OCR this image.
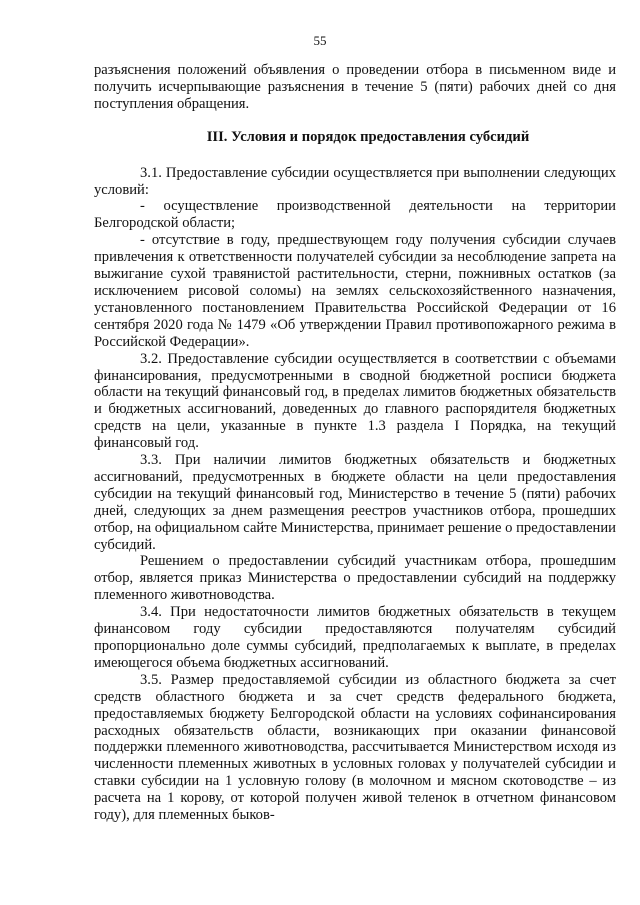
55

разъяснения положений объявления о проведении отбора в письменном виде и получить исчерпывающие разъяснения в течение 5 (пяти) рабочих дней со дня поступления обращения.

III. Условия и порядок предоставления субсидий

3.1. Предоставление субсидии осуществляется при выполнении следующих условий:

- осуществление производственной деятельности на территории Белгородской области;

- отсутствие в году, предшествующем году получения субсидии случаев привлечения к ответственности получателей субсидии за несоблюдение запрета на выжигание сухой травянистой растительности, стерни, пожнивных остатков (за исключением рисовой соломы) на землях сельскохозяйственного назначения, установленного постановлением Правительства Российской Федерации от 16 сентября 2020 года № 1479 «Об утверждении Правил противопожарного режима в Российской Федерации».

3.2. Предоставление субсидии осуществляется в соответствии с объемами финансирования, предусмотренными в сводной бюджетной росписи бюджета области на текущий финансовый год, в пределах лимитов бюджетных обязательств и бюджетных ассигнований, доведенных до главного распорядителя бюджетных средств на цели, указанные в пункте 1.3 раздела I Порядка, на текущий финансовый год.

3.3. При наличии лимитов бюджетных обязательств и бюджетных ассигнований, предусмотренных в бюджете области на цели предоставления субсидии на текущий финансовый год, Министерство в течение 5 (пяти) рабочих дней, следующих за днем размещения реестров участников отбора, прошедших отбор, на официальном сайте Министерства, принимает решение о предоставлении субсидий.

Решением о предоставлении субсидий участникам отбора, прошедшим отбор, является приказ Министерства о предоставлении субсидий на поддержку племенного животноводства.

3.4. При недостаточности лимитов бюджетных обязательств в текущем финансовом году субсидии предоставляются получателям субсидий пропорционально доле суммы субсидий, предполагаемых к выплате, в пределах имеющегося объема бюджетных ассигнований.

3.5. Размер предоставляемой субсидии из областного бюджета за счет средств областного бюджета и за счет средств федерального бюджета, предоставляемых бюджету Белгородской области на условиях софинансирования расходных обязательств области, возникающих при оказании финансовой поддержки племенного животноводства, рассчитывается Министерством исходя из численности племенных животных в условных головах у получателей субсидии и ставки субсидии на 1 условную голову (в молочном и мясном скотоводстве – из расчета на 1 корову, от которой получен живой теленок в отчетном финансовом году), для племенных быков-
